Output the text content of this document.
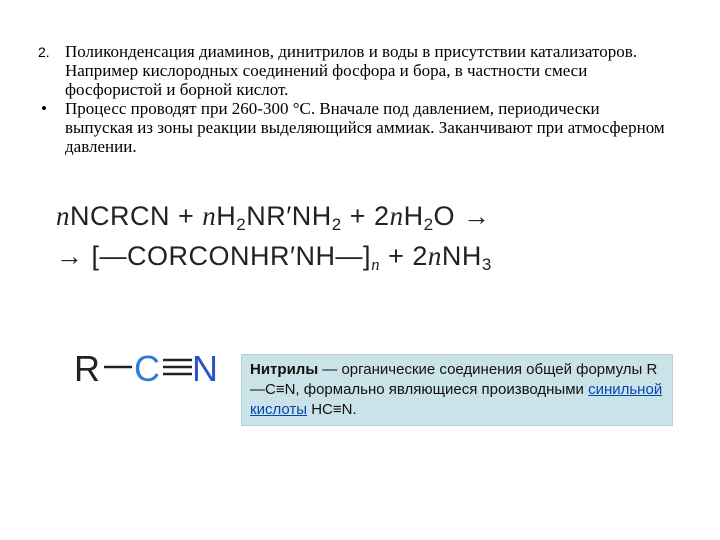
2. Поликонденсация диаминов, динитрилов и воды в присутствии катализаторов. Например кислородных соединений фосфора и бора, в частности смеси фосфористой и борной кислот.

• Процесс проводят при 260-300 °С. Вначале под давлением, периодически выпуская из зоны реакции выделяющийся аммиак. Заканчивают при атмосферном давлении.

nNCRCN + $nH_2NR'NH_2 + 2nH_2O$ →
→ $[—CORCONHR'NH—]_n + 2nNH_3$
R C N	Нитрилы — органические соединения общей формулы R—C≡N, формально являющиеся производными синильной кислоты HC≡N.
